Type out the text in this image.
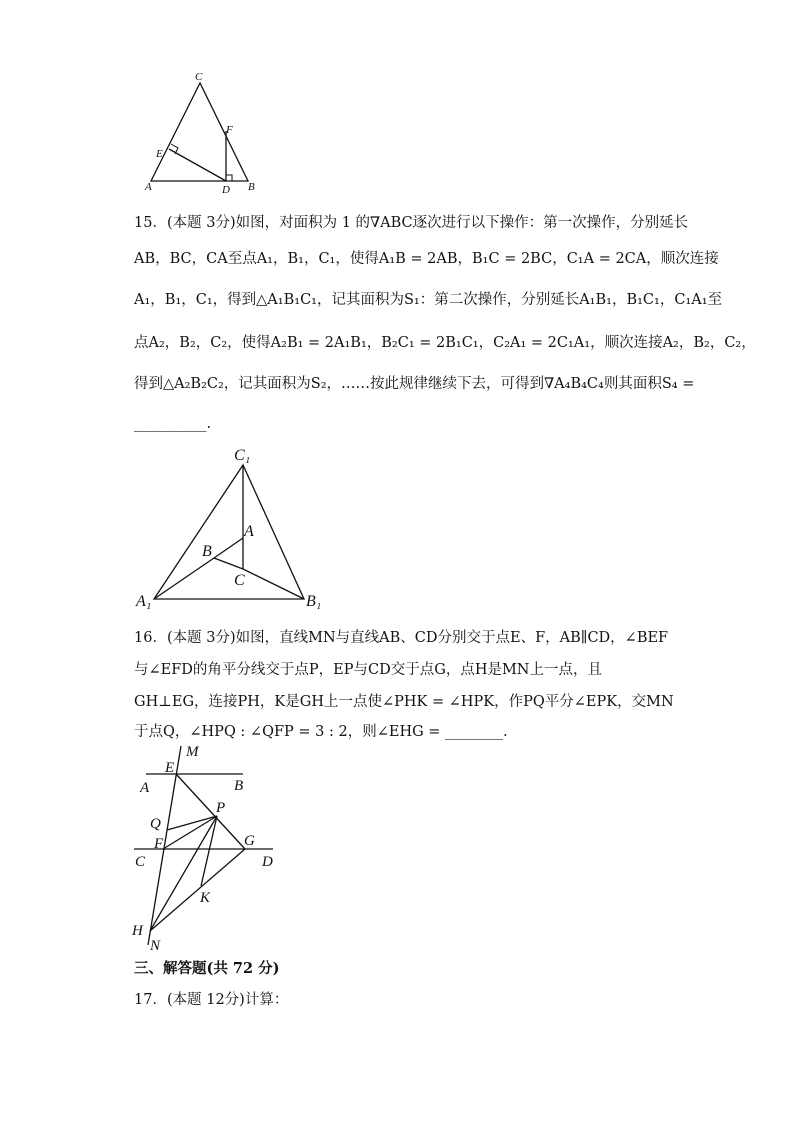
C
F
E
A	D B
15．(本题 3分)如图，对面积为 1 的∇ABC逐次进行以下操作：第一次操作，分别延长
AB，BC，CA至点A₁，B₁，C₁，使得A₁B = 2AB，B₁C = 2BC，C₁A = 2CA，顺次连接
A₁，B₁，C₁，得到△A₁B₁C₁，记其面积为S₁：第二次操作，分别延长A₁B₁，B₁C₁，C₁A₁至
点A₂，B₂，C₂，使得A₂B₁ = 2A₁B₁，B₂C₁ = 2B₁C₁，C₂A₁ = 2C₁A₁，顺次连接A₂，B₂，C₂，
得到△A₂B₂C₂，记其面积为S₂，……按此规律继续下去，可得到∇A₄B₄C₄则其面积S₄ =
__________.
C₁
A
B
C
A₁	B₁
16．(本题 3分)如图，直线MN与直线AB、CD分别交于点E、F，AB∥CD，∠BEF
与∠EFD的角平分线交于点P，EP与CD交于点G，点H是MN上一点，且
GH⊥EG，连接PH，K是GH上一点使∠PHK = ∠HPK，作PQ平分∠EPK，交MN
于点Q，∠HPQ : ∠QFP = 3 : 2，则∠EHG = ________.
M
E
B
A
P
Q
F	G
C	D
K
H
N
三、解答题(共 72 分)
17．(本题 12分)计算：
